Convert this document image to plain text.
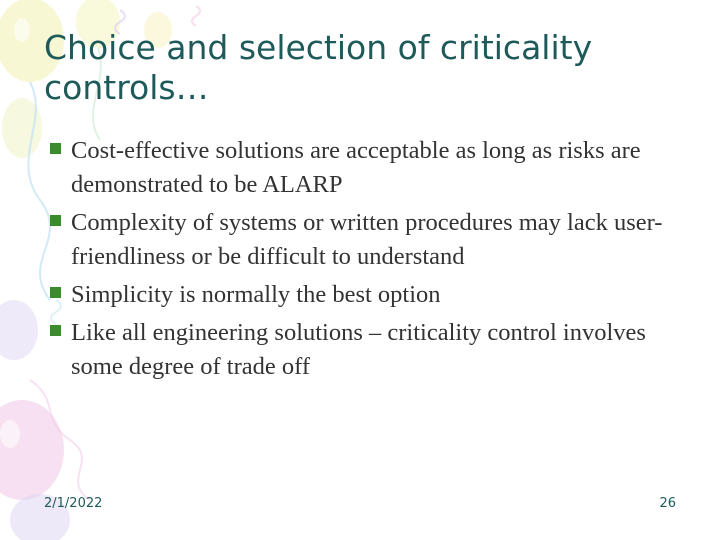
Choice and selection of criticality controls…
Cost-effective solutions are acceptable as long as risks are demonstrated to be ALARP
Complexity of systems or written procedures may lack user-friendliness or be difficult to understand
Simplicity is normally the best option
Like all engineering solutions – criticality control involves some degree of trade off
2/1/2022	26
